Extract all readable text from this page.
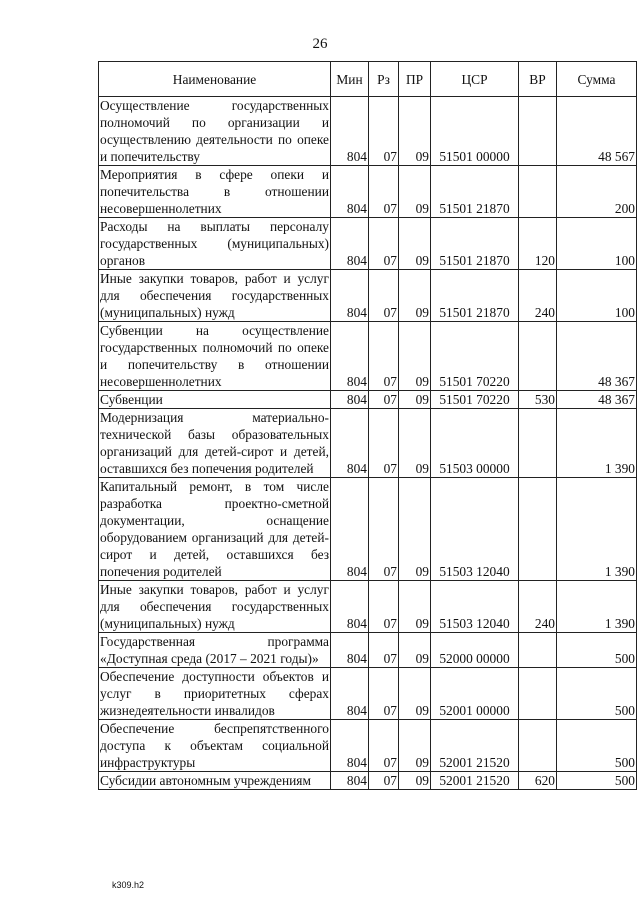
26
Наименование	Мин	Рз	ПР	ЦСР	ВР	Сумма
Осуществление государственных полномочий по организации и осуществлению деятельности по опеке и попечительству	804	07	09	51501 00000		48 567
Мероприятия в сфере опеки и попечительства в отношении несовершеннолетних	804	07	09	51501 21870		200
Расходы на выплаты персоналу государственных (муниципальных) органов	804	07	09	51501 21870	120	100
Иные закупки товаров, работ и услуг для обеспечения государственных (муниципальных) нужд	804	07	09	51501 21870	240	100
Субвенции на осуществление государственных полномочий по опеке и попечительству в отношении несовершеннолетних	804	07	09	51501 70220		48 367
Субвенции	804	07	09	51501 70220	530	48 367
Модернизация материально-технической базы образовательных организаций для детей-сирот и детей, оставшихся без попечения родителей	804	07	09	51503 00000		1 390
Капитальный ремонт, в том числе разработка проектно-сметной документации, оснащение оборудованием организаций для детей-сирот и детей, оставшихся без попечения родителей	804	07	09	51503 12040		1 390
Иные закупки товаров, работ и услуг для обеспечения государственных (муниципальных) нужд	804	07	09	51503 12040	240	1 390
Государственная программа «Доступная среда (2017 – 2021 годы)»	804	07	09	52000 00000		500
Обеспечение доступности объектов и услуг в приоритетных сферах жизнедеятельности инвалидов	804	07	09	52001 00000		500
Обеспечение беспрепятственного доступа к объектам социальной инфраструктуры	804	07	09	52001 21520		500
Субсидии автономным учреждениям	804	07	09	52001 21520	620	500
k309.h2
